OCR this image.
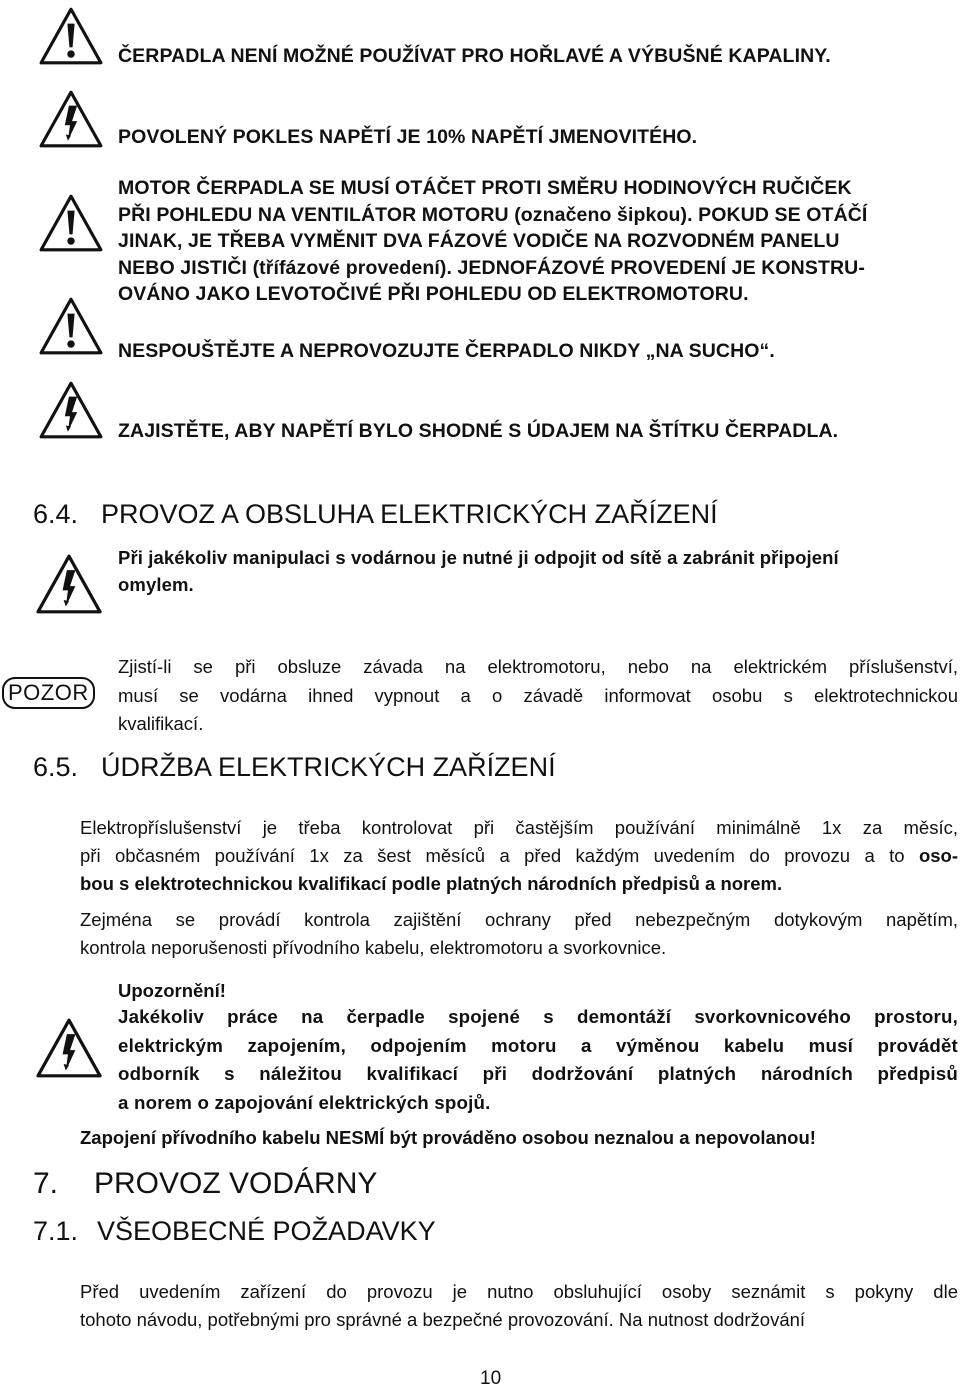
ČERPADLA NENÍ MOŽNÉ POUŽÍVAT PRO HOŘLAVÉ A VÝBUŠNÉ KAPALINY.
POVOLENÝ POKLES NAPĚTÍ JE 10% NAPĚTÍ JMENOVITÉHO.
MOTOR ČERPADLA SE MUSÍ OTÁČET PROTI SMĚRU HODINOVÝCH RUČIČEK
PŘI POHLEDU NA VENTILÁTOR MOTORU (označeno šipkou). POKUD SE OTÁČÍ
JINAK, JE TŘEBA VYMĚNIT DVA FÁZOVÉ VODIČE NA ROZVODNÉM PANELU
NEBO JISTIČI (třífázové provedení). JEDNOFÁZOVÉ PROVEDENÍ JE KONSTRU-
OVÁNO JAKO LEVOTOČIVÉ PŘI POHLEDU OD ELEKTROMOTORU.
NESPOUŠTĚJTE A NEPROVOZUJTE ČERPADLO NIKDY „NA SUCHO“.
ZAJISTĚTE, ABY NAPĚTÍ BYLO SHODNÉ S ÚDAJEM NA ŠTÍTKU ČERPADLA.
6.4. PROVOZ A OBSLUHA ELEKTRICKÝCH ZAŘÍZENÍ
Při jakékoliv manipulaci s vodárnou je nutné ji odpojit od sítě a zabránit připojení
omylem.
POZOR
Zjistí-li se při obsluze závada na elektromotoru, nebo na elektrickém příslušenství,
musí se vodárna ihned vypnout a o závadě informovat osobu s elektrotechnickou
kvalifikací.
6.5. ÚDRŽBA ELEKTRICKÝCH ZAŘÍZENÍ
Elektropříslušenství je třeba kontrolovat při častějším používání minimálně 1x za měsíc,
při občasném používání 1x za šest měsíců a před každým uvedením do provozu a to oso-
bou s elektrotechnickou kvalifikací podle platných národních předpisů a norem.
Zejména se provádí kontrola zajištění ochrany před nebezpečným dotykovým napětím,
kontrola neporušenosti přívodního kabelu, elektromotoru a svorkovnice.
Upozornění!
Jakékoliv práce na čerpadle spojené s demontáží svorkovnicového prostoru,
elektrickým zapojením, odpojením motoru a výměnou kabelu musí provádět
odborník s náležitou kvalifikací při dodržování platných národních předpisů
a norem o zapojování elektrických spojů.
Zapojení přívodního kabelu NESMÍ být prováděno osobou neznalou a nepovolanou!
7. PROVOZ VODÁRNY
7.1. VŠEOBECNÉ POŽADAVKY
Před uvedením zařízení do provozu je nutno obsluhující osoby seznámit s pokyny dle
tohoto návodu, potřebnými pro správné a bezpečné provozování. Na nutnost dodržování
10
